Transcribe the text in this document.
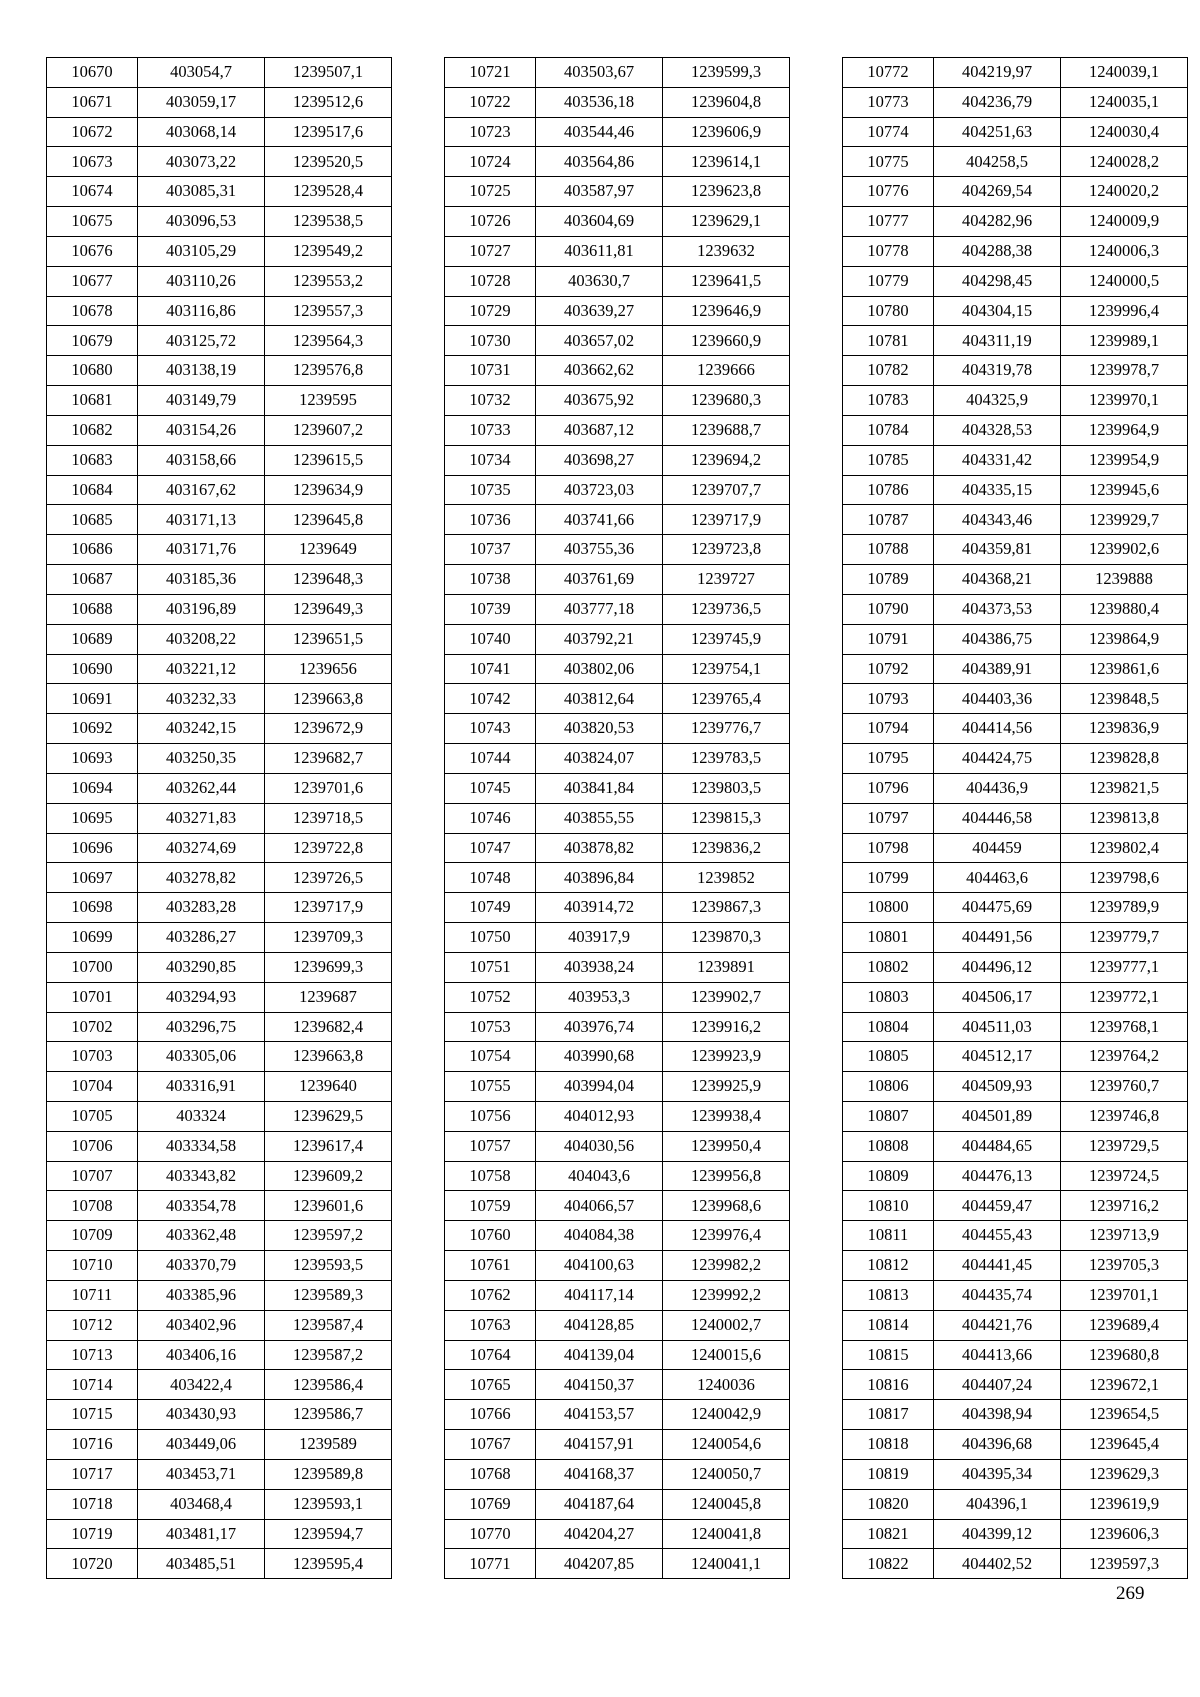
10670	403054,7	1239507,1
10671	403059,17	1239512,6
10672	403068,14	1239517,6
10673	403073,22	1239520,5
10674	403085,31	1239528,4
10675	403096,53	1239538,5
10676	403105,29	1239549,2
10677	403110,26	1239553,2
10678	403116,86	1239557,3
10679	403125,72	1239564,3
10680	403138,19	1239576,8
10681	403149,79	1239595
10682	403154,26	1239607,2
10683	403158,66	1239615,5
10684	403167,62	1239634,9
10685	403171,13	1239645,8
10686	403171,76	1239649
10687	403185,36	1239648,3
10688	403196,89	1239649,3
10689	403208,22	1239651,5
10690	403221,12	1239656
10691	403232,33	1239663,8
10692	403242,15	1239672,9
10693	403250,35	1239682,7
10694	403262,44	1239701,6
10695	403271,83	1239718,5
10696	403274,69	1239722,8
10697	403278,82	1239726,5
10698	403283,28	1239717,9
10699	403286,27	1239709,3
10700	403290,85	1239699,3
10701	403294,93	1239687
10702	403296,75	1239682,4
10703	403305,06	1239663,8
10704	403316,91	1239640
10705	403324	1239629,5
10706	403334,58	1239617,4
10707	403343,82	1239609,2
10708	403354,78	1239601,6
10709	403362,48	1239597,2
10710	403370,79	1239593,5
10711	403385,96	1239589,3
10712	403402,96	1239587,4
10713	403406,16	1239587,2
10714	403422,4	1239586,4
10715	403430,93	1239586,7
10716	403449,06	1239589
10717	403453,71	1239589,8
10718	403468,4	1239593,1
10719	403481,17	1239594,7
10720	403485,51	1239595,4
10721	403503,67	1239599,3
10722	403536,18	1239604,8
10723	403544,46	1239606,9
10724	403564,86	1239614,1
10725	403587,97	1239623,8
10726	403604,69	1239629,1
10727	403611,81	1239632
10728	403630,7	1239641,5
10729	403639,27	1239646,9
10730	403657,02	1239660,9
10731	403662,62	1239666
10732	403675,92	1239680,3
10733	403687,12	1239688,7
10734	403698,27	1239694,2
10735	403723,03	1239707,7
10736	403741,66	1239717,9
10737	403755,36	1239723,8
10738	403761,69	1239727
10739	403777,18	1239736,5
10740	403792,21	1239745,9
10741	403802,06	1239754,1
10742	403812,64	1239765,4
10743	403820,53	1239776,7
10744	403824,07	1239783,5
10745	403841,84	1239803,5
10746	403855,55	1239815,3
10747	403878,82	1239836,2
10748	403896,84	1239852
10749	403914,72	1239867,3
10750	403917,9	1239870,3
10751	403938,24	1239891
10752	403953,3	1239902,7
10753	403976,74	1239916,2
10754	403990,68	1239923,9
10755	403994,04	1239925,9
10756	404012,93	1239938,4
10757	404030,56	1239950,4
10758	404043,6	1239956,8
10759	404066,57	1239968,6
10760	404084,38	1239976,4
10761	404100,63	1239982,2
10762	404117,14	1239992,2
10763	404128,85	1240002,7
10764	404139,04	1240015,6
10765	404150,37	1240036
10766	404153,57	1240042,9
10767	404157,91	1240054,6
10768	404168,37	1240050,7
10769	404187,64	1240045,8
10770	404204,27	1240041,8
10771	404207,85	1240041,1
10772	404219,97	1240039,1
10773	404236,79	1240035,1
10774	404251,63	1240030,4
10775	404258,5	1240028,2
10776	404269,54	1240020,2
10777	404282,96	1240009,9
10778	404288,38	1240006,3
10779	404298,45	1240000,5
10780	404304,15	1239996,4
10781	404311,19	1239989,1
10782	404319,78	1239978,7
10783	404325,9	1239970,1
10784	404328,53	1239964,9
10785	404331,42	1239954,9
10786	404335,15	1239945,6
10787	404343,46	1239929,7
10788	404359,81	1239902,6
10789	404368,21	1239888
10790	404373,53	1239880,4
10791	404386,75	1239864,9
10792	404389,91	1239861,6
10793	404403,36	1239848,5
10794	404414,56	1239836,9
10795	404424,75	1239828,8
10796	404436,9	1239821,5
10797	404446,58	1239813,8
10798	404459	1239802,4
10799	404463,6	1239798,6
10800	404475,69	1239789,9
10801	404491,56	1239779,7
10802	404496,12	1239777,1
10803	404506,17	1239772,1
10804	404511,03	1239768,1
10805	404512,17	1239764,2
10806	404509,93	1239760,7
10807	404501,89	1239746,8
10808	404484,65	1239729,5
10809	404476,13	1239724,5
10810	404459,47	1239716,2
10811	404455,43	1239713,9
10812	404441,45	1239705,3
10813	404435,74	1239701,1
10814	404421,76	1239689,4
10815	404413,66	1239680,8
10816	404407,24	1239672,1
10817	404398,94	1239654,5
10818	404396,68	1239645,4
10819	404395,34	1239629,3
10820	404396,1	1239619,9
10821	404399,12	1239606,3
10822	404402,52	1239597,3
269
